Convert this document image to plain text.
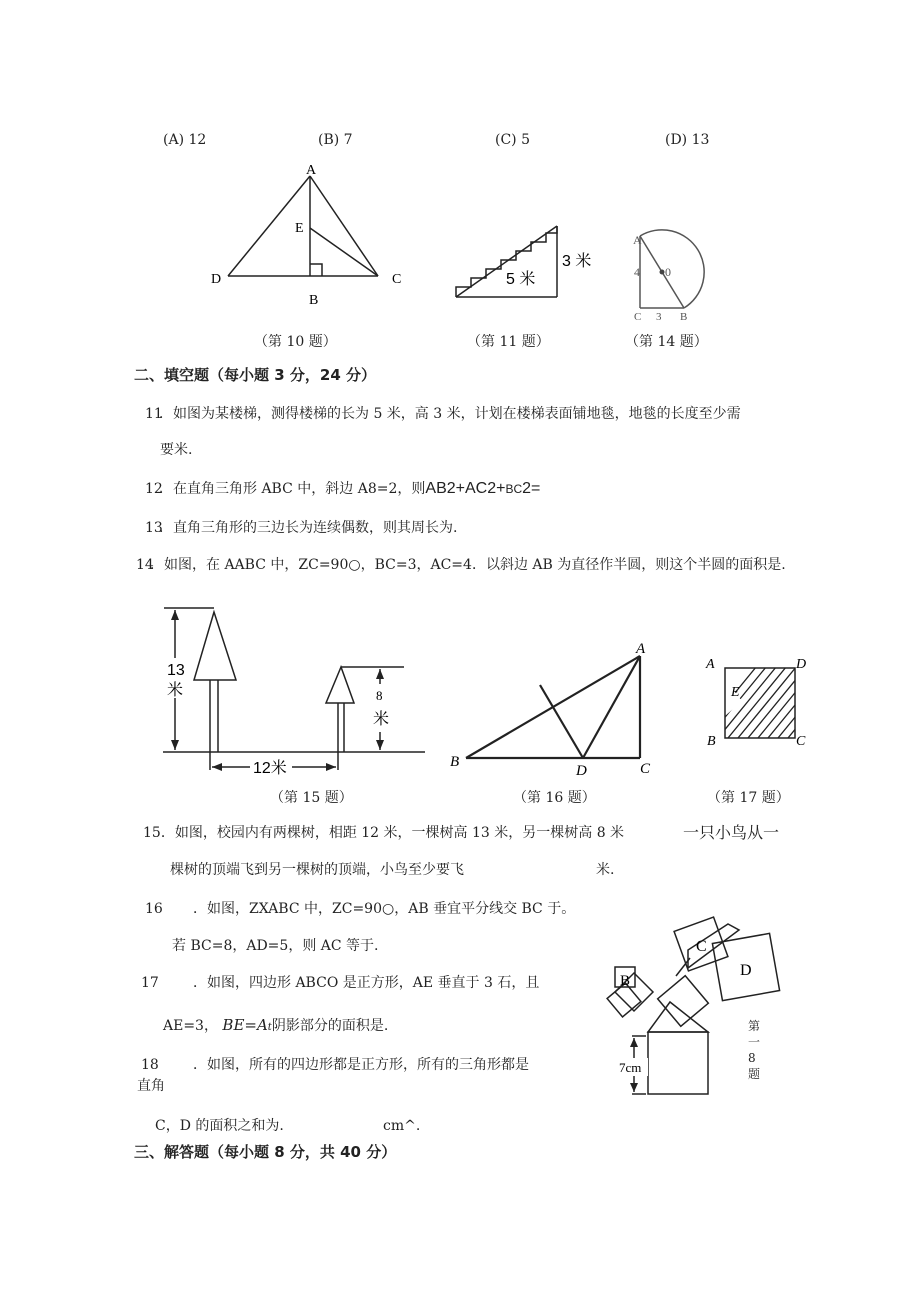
(A) 12	(B) 7	(C) 5	(D) 13
A
E
D
B
C
（第 10 题）
5 米
3 米
（第 11 题）
A
4 0
C 3 B
（第 14 题）
二、填空题（每小题 3 分，24 分）
11
．如图为某楼梯，测得楼梯的长为 5 米，高 3 米，计划在楼梯表面铺地毯，地毯的长度至少需
要米.
12
．在直角三角形 ABC 中，斜边 A8=2，则AB2+AC2+BC2=
13
．直角三角形的三边长为连续偶数，则其周长为.
14
．如图，在 AABC 中，ZC=90○，BC=3，AC=4．以斜边 AB 为直径作半圆，则这个半圆的面积是.
13
米	8
米
12米
（第 15 题）
A
B	C
D
（第 16 题）
A	D
E
B	C
（第 17 题）
15．如图，校园内有两棵树，相距 12 米，一棵树高 13 米，另一棵树高 8 米	一只小鸟从一
棵树的顶端飞到另一棵树的顶端，小鸟至少要飞	米.
16 ．如图，ZXABC 中，ZC=90○，AB 垂宜平分线交 BC 于。
若 BC=8，AD=5，则 AC 等于.
17 ．如图，四边形 ABCO 是正方形，AE 垂直于 3 石，且
AE=3， BE=At阴影部分的面积是.
18 ．如图，所有的四边形都是正方形，所有的三角形都是
直角
C，D 的面积之和为.	cm^.
7cm
B
C
D
第一8题
三、解答题（每小题 8 分，共 40 分）
